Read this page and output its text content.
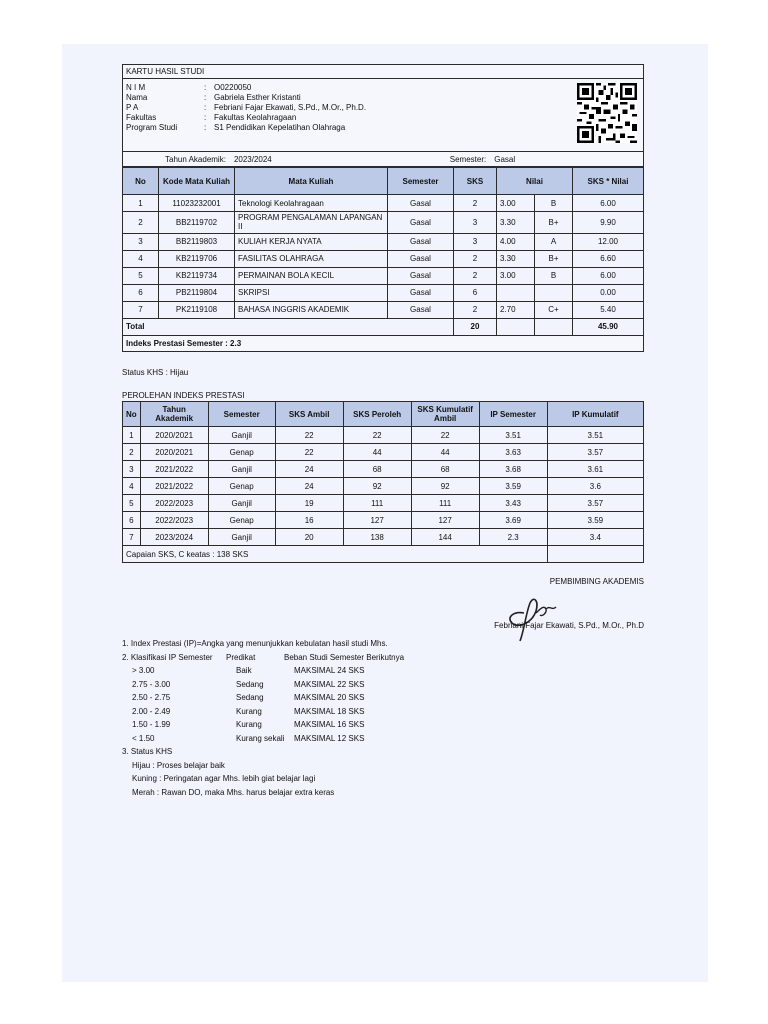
KARTU HASIL STUDI
N I M	: O0220050
Nama	: Gabriela Esther Kristanti
P A	: Febriani Fajar Ekawati, S.Pd., M.Or., Ph.D.
Fakultas	: Fakultas Keolahragaan
Program Studi	: S1 Pendidikan Kepelatihan Olahraga
Tahun Akademik: 2023/2024	Semester: Gasal
No	Kode Mata Kuliah	Mata Kuliah	Semester	SKS	Nilai		SKS * Nilai
1	11023232001	Teknologi Keolahragaan	Gasal	2	3.00	B	6.00
2	BB2119702	PROGRAM PENGALAMAN LAPANGAN II	Gasal	3	3.30	B+	9.90
3	BB2119803	KULIAH KERJA NYATA	Gasal	3	4.00	A	12.00
4	KB2119706	FASILITAS OLAHRAGA	Gasal	2	3.30	B+	6.60
5	KB2119734	PERMAINAN BOLA KECIL	Gasal	2	3.00	B	6.00
6	PB2119804	SKRIPSI	Gasal	6			0.00
7	PK2119108	BAHASA INGGRIS AKADEMIK	Gasal	2	2.70	C+	5.40
Total				20			45.90
Indeks Prestasi Semester : 2.3
Status KHS : Hijau
PEROLEHAN INDEKS PRESTASI
No	Tahun Akademik	Semester	SKS Ambil	SKS Peroleh	SKS Kumulatif Ambil	IP Semester	IP Kumulatif
1	2020/2021	Ganjil	22	22	22	3.51	3.51
2	2020/2021	Genap	22	44	44	3.63	3.57
3	2021/2022	Ganjil	24	68	68	3.68	3.61
4	2021/2022	Genap	24	92	92	3.59	3.6
5	2022/2023	Ganjil	19	111	111	3.43	3.57
6	2022/2023	Genap	16	127	127	3.69	3.59
7	2023/2024	Ganjil	20	138	144	2.3	3.4
Capaian SKS, C keatas : 138 SKS							
PEMBIMBING AKADEMIS
Febriani Fajar Ekawati, S.Pd., M.Or., Ph.D
1. Index Prestasi (IP)=Angka yang menunjukkan kebulatan hasil studi Mhs.
2. Klasifikasi IP Semester	Predikat	Beban Studi Semester Berikutnya
> 3.00	Baik	MAKSIMAL 24 SKS
2.75 - 3.00	Sedang	MAKSIMAL 22 SKS
2.50 - 2.75	Sedang	MAKSIMAL 20 SKS
2.00 - 2.49	Kurang	MAKSIMAL 18 SKS
1.50 - 1.99	Kurang	MAKSIMAL 16 SKS
< 1.50	Kurang sekali	MAKSIMAL 12 SKS
3. Status KHS
Hijau : Proses belajar baik
Kuning : Peringatan agar Mhs. lebih giat belajar lagi
Merah : Rawan DO, maka Mhs. harus belajar extra keras
